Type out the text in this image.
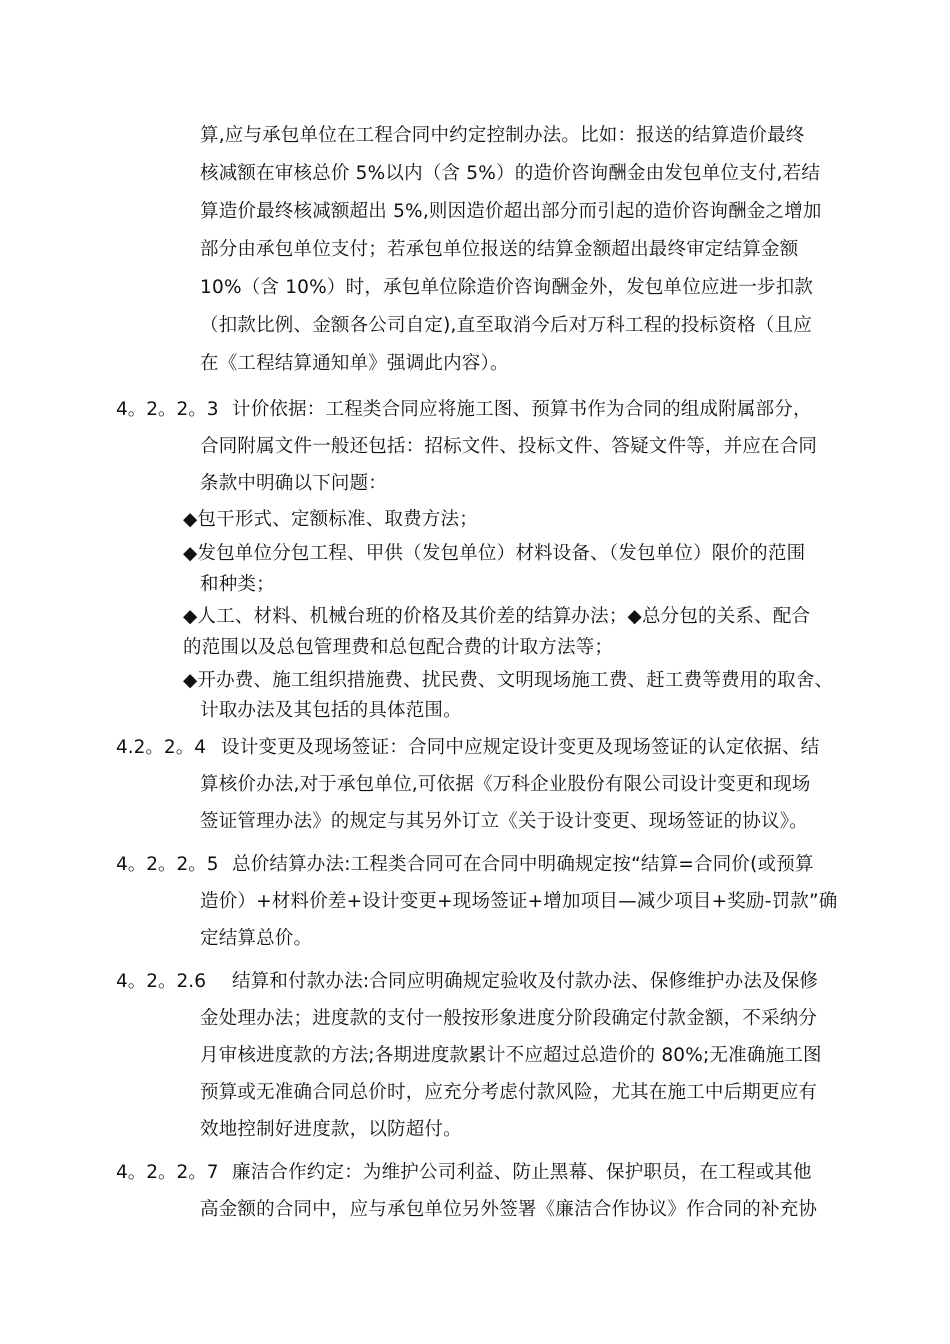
算,应与承包单位在工程合同中约定控制办法。比如：报送的结算造价最终
核减额在审核总价 5%以内（含 5%）的造价咨询酬金由发包单位支付,若结
算造价最终核减额超出 5%,则因造价超出部分而引起的造价咨询酬金之增加
部分由承包单位支付；若承包单位报送的结算金额超出最终审定结算金额
10%（含 10%）时，承包单位除造价咨询酬金外，发包单位应进一步扣款
（扣款比例、金额各公司自定),直至取消今后对万科工程的投标资格（且应
在《工程结算通知单》强调此内容）。
4。2。2。3 计价依据：工程类合同应将施工图、预算书作为合同的组成附属部分，
合同附属文件一般还包括：招标文件、投标文件、答疑文件等，并应在合同
条款中明确以下问题：
◆包干形式、定额标准、取费方法；
◆发包单位分包工程、甲供（发包单位）材料设备、（发包单位）限价的范围
和种类；
◆人工、材料、机械台班的价格及其价差的结算办法；◆总分包的关系、配合
的范围以及总包管理费和总包配合费的计取方法等；
◆开办费、施工组织措施费、扰民费、文明现场施工费、赶工费等费用的取舍、
计取办法及其包括的具体范围。
4.2。2。4 设计变更及现场签证：合同中应规定设计变更及现场签证的认定依据、结
算核价办法,对于承包单位,可依据《万科企业股份有限公司设计变更和现场
签证管理办法》的规定与其另外订立《关于设计变更、现场签证的协议》。
4。2。2。5 总价结算办法:工程类合同可在合同中明确规定按“结算=合同价(或预算
造价）+材料价差+设计变更+现场签证+增加项目—减少项目+奖励-罚款”确
定结算总价。
4。2。2.6 结算和付款办法:合同应明确规定验收及付款办法、保修维护办法及保修
金处理办法；进度款的支付一般按形象进度分阶段确定付款金额，不采纳分
月审核进度款的方法;各期进度款累计不应超过总造价的 80%;无准确施工图
预算或无准确合同总价时，应充分考虑付款风险，尤其在施工中后期更应有
效地控制好进度款，以防超付。
4。2。2。7 廉洁合作约定：为维护公司利益、防止黑幕、保护职员，在工程或其他
高金额的合同中，应与承包单位另外签署《廉洁合作协议》作合同的补充协
